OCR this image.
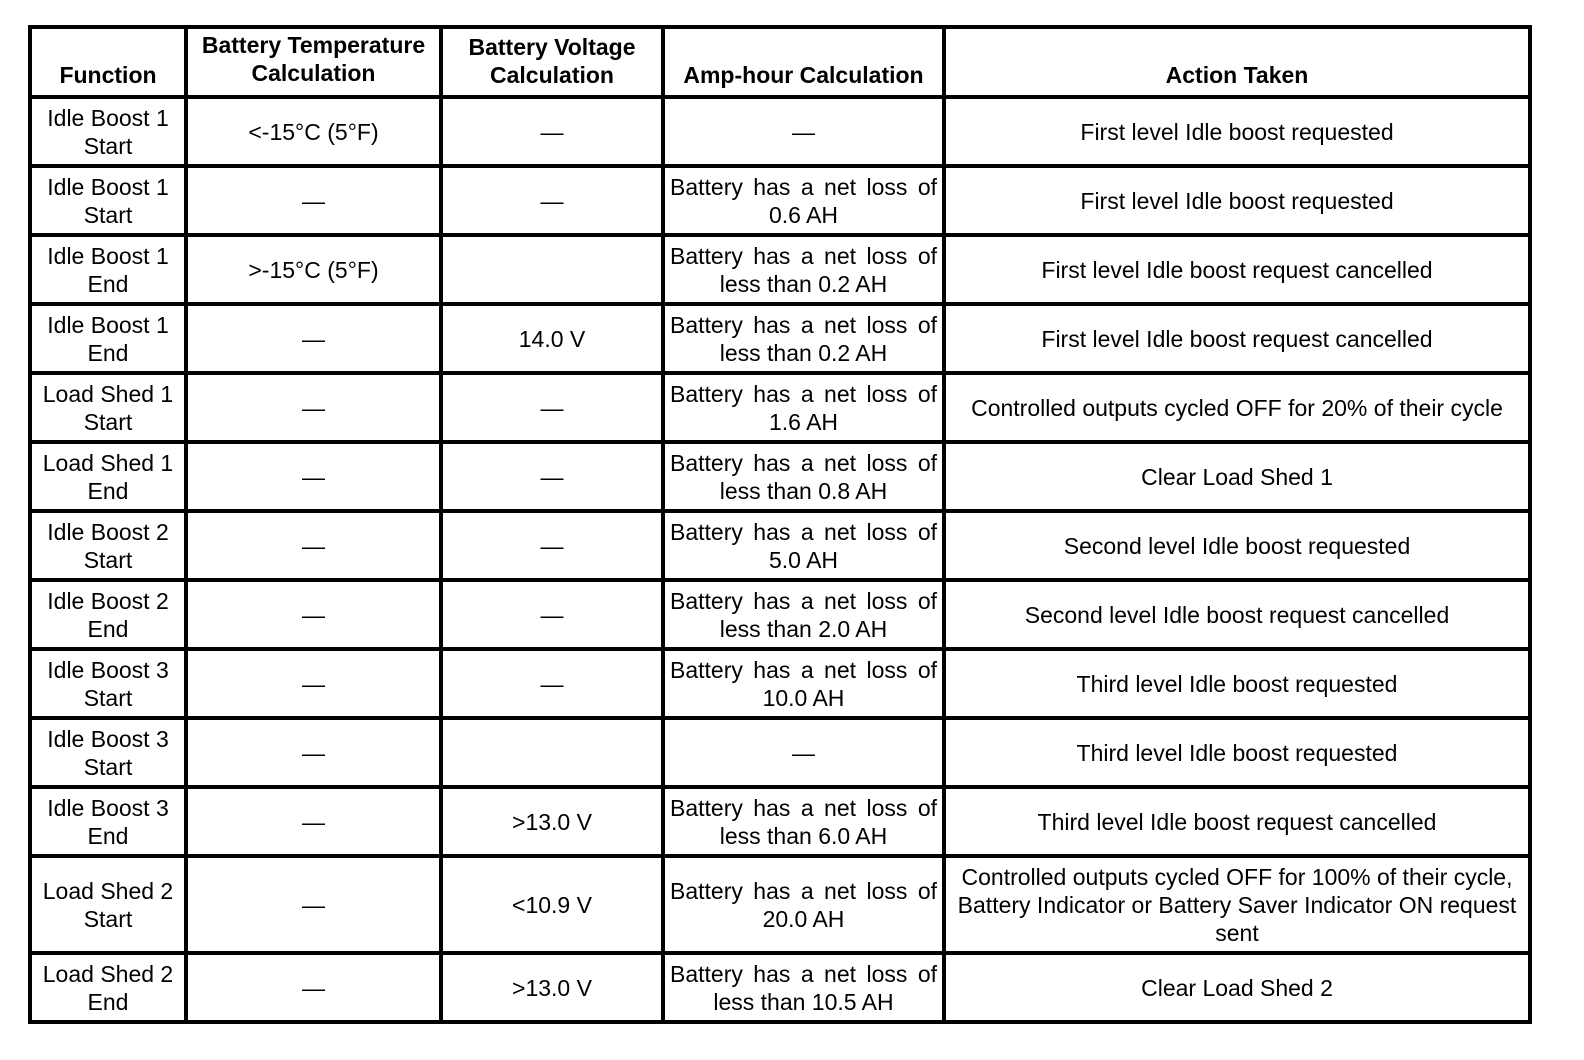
Function	Battery Temperature Calculation	Battery Voltage Calculation	Amp-hour Calculation	Action Taken
Idle Boost 1 Start	<-15°C (5°F)	—	—	First level Idle boost requested
Idle Boost 1 Start	—	—	Battery has a net loss of 0.6 AH	First level Idle boost requested
Idle Boost 1 End	>-15°C (5°F)		Battery has a net loss of less than 0.2 AH	First level Idle boost request cancelled
Idle Boost 1 End	—	14.0 V	Battery has a net loss of less than 0.2 AH	First level Idle boost request cancelled
Load Shed 1 Start	—	—	Battery has a net loss of 1.6 AH	Controlled outputs cycled OFF for 20% of their cycle
Load Shed 1 End	—	—	Battery has a net loss of less than 0.8 AH	Clear Load Shed 1
Idle Boost 2 Start	—	—	Battery has a net loss of 5.0 AH	Second level Idle boost requested
Idle Boost 2 End	—	—	Battery has a net loss of less than 2.0 AH	Second level Idle boost request cancelled
Idle Boost 3 Start	—	—	Battery has a net loss of 10.0 AH	Third level Idle boost requested
Idle Boost 3 Start	—		—	Third level Idle boost requested
Idle Boost 3 End	—	>13.0 V	Battery has a net loss of less than 6.0 AH	Third level Idle boost request cancelled
Load Shed 2 Start	—	<10.9 V	Battery has a net loss of 20.0 AH	Controlled outputs cycled OFF for 100% of their cycle, Battery Indicator or Battery Saver Indicator ON request sent
Load Shed 2 End	—	>13.0 V	Battery has a net loss of less than 10.5 AH	Clear Load Shed 2
